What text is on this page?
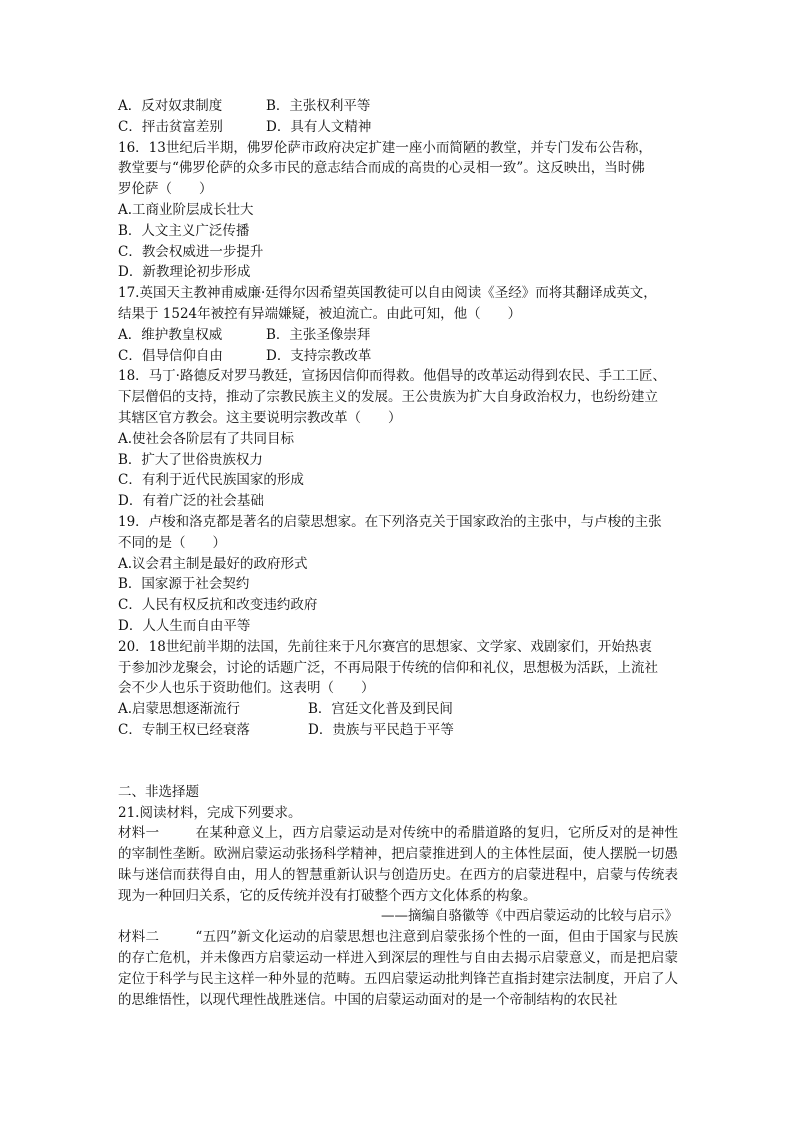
A．反对奴隶制度	B．主张权利平等
C．抨击贫富差别	D．具有人文精神
16．13世纪后半期，佛罗伦萨市政府决定扩建一座小而简陋的教堂，并专门发布公告称，
教堂要与“佛罗伦萨的众多市民的意志结合而成的高贵的心灵相一致”。这反映出，当时佛
罗伦萨（　　）
A.工商业阶层成长壮大
B．人文主义广泛传播
C．教会权威进一步提升
D．新教理论初步形成
17.英国天主教神甫威廉·廷得尔因希望英国教徒可以自由阅读《圣经》而将其翻译成英文，
结果于 1524年被控有异端嫌疑，被迫流亡。由此可知，他（　　）
A．维护教皇权威	B．主张圣像崇拜
C．倡导信仰自由	D．支持宗教改革
18．马丁·路德反对罗马教廷，宣扬因信仰而得救。他倡导的改革运动得到农民、手工工匠、
下层僧侣的支持，推动了宗教民族主义的发展。王公贵族为扩大自身政治权力，也纷纷建立
其辖区官方教会。这主要说明宗教改革（　　）
A.使社会各阶层有了共同目标
B．扩大了世俗贵族权力
C．有利于近代民族国家的形成
D．有着广泛的社会基础
19．卢梭和洛克都是著名的启蒙思想家。在下列洛克关于国家政治的主张中，与卢梭的主张
不同的是（　　）
A.议会君主制是最好的政府形式
B．国家源于社会契约
C．人民有权反抗和改变违约政府
D．人人生而自由平等
20．18世纪前半期的法国，先前往来于凡尔赛宫的思想家、文学家、戏剧家们，开始热衷
于参加沙龙聚会，讨论的话题广泛，不再局限于传统的信仰和礼仪，思想极为活跃，上流社
会不少人也乐于资助他们。这表明（　　）
A.启蒙思想逐渐流行	B．宫廷文化普及到民间
C．专制王权已经衰落	D．贵族与平民趋于平等
二、非选择题
21.阅读材料，完成下列要求。
材料一	在某种意义上，西方启蒙运动是对传统中的希腊道路的复归，它所反对的是神性的宰制性垄断。欧洲启蒙运动张扬科学精神，把启蒙推进到人的主体性层面，使人摆脱一切愚昧与迷信而获得自由，用人的智慧重新认识与创造历史。在西方的启蒙进程中，启蒙与传统表现为一种回归关系，它的反传统并没有打破整个西方文化体系的构象。
——摘编自骆徽等《中西启蒙运动的比较与启示》
材料二	“五四”新文化运动的启蒙思想也注意到启蒙张扬个性的一面，但由于国家与民族的存亡危机，并未像西方启蒙运动一样进入到深层的理性与自由去揭示启蒙意义，而是把启蒙定位于科学与民主这样一种外显的范畴。五四启蒙运动批判锋芒直指封建宗法制度，开启了人的思维悟性，以现代理性战胜迷信。中国的启蒙运动面对的是一个帝制结构的农民社
